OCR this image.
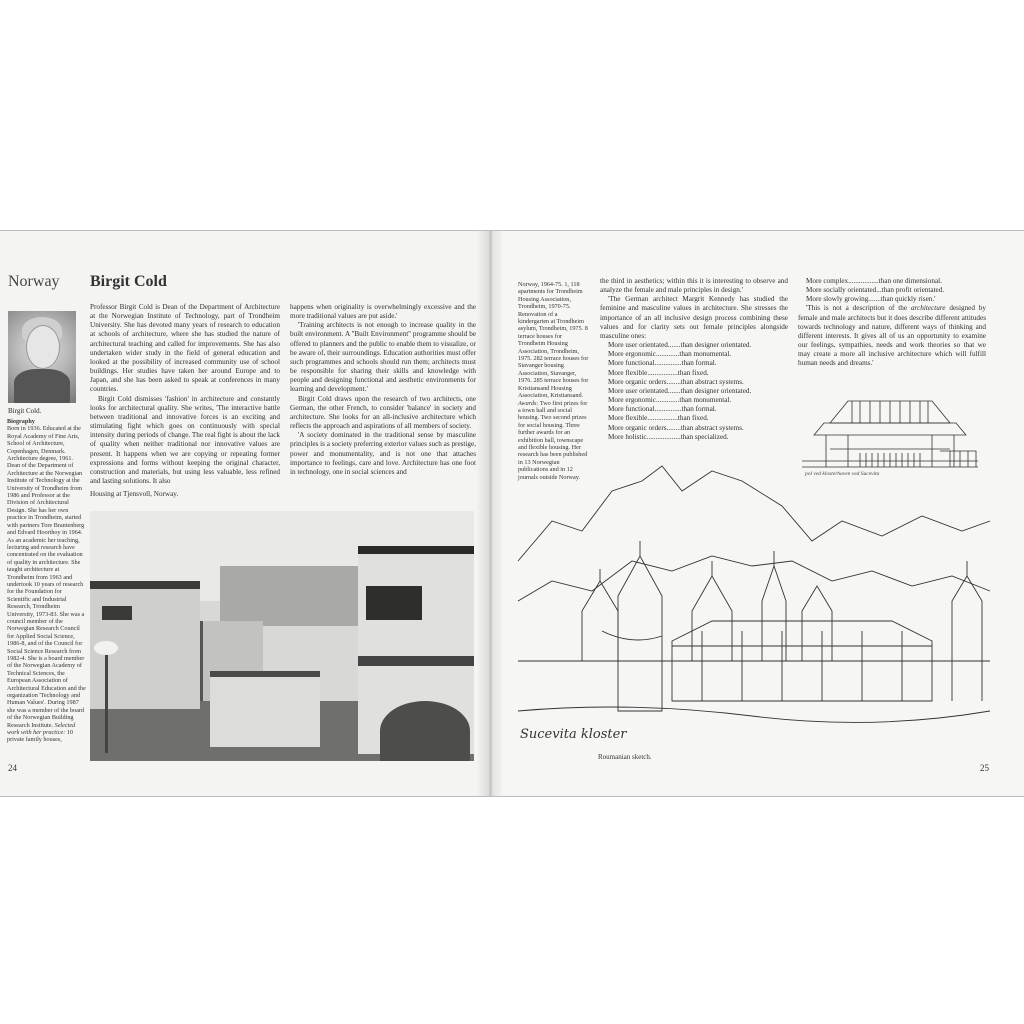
Norway Birgit Cold
Birgit Cold.
Biography
Born in 1936. Educated at the Royal Academy of Fine Arts, School of Architecture, Copenhagen, Denmark. Architecture degree, 1961. Dean of the Department of Architecture at the Norwegian Institute of Technology at the University of Trondheim from 1986 and Professor at the Division of Architectural Design. She has her own practice in Trondheim, started with partners Tore Brantenberg and Edvard Hoorthoy in 1964. As an academic her teaching, lecturing and research have concentrated on the evaluation of quality in architecture. She taught architecture at Trondheim from 1963 and undertook 10 years of research for the Foundation for Scientific and Industrial Research, Trondheim University, 1973-83. She was a council member of the Norwegian Research Council for Applied Social Science, 1986-8, and of the Council for Social Science Research from 1982-4. She is a board member of the Norwegian Academy of Technical Sciences, the European Association of Architectural Education and the organization 'Technology and Human Values'. During 1987 she was a member of the board of the Norwegian Building Research Institute. Selected work with her practice: 10 private family houses,

Professor Birgit Cold is Dean of the Department of Architecture at the Norwegian Institute of Technology, part of Trondheim University. She has devoted many years of research to education at schools of architecture, where she has studied the nature of architectural teaching and called for improvements. She has also undertaken wider study in the field of general education and looked at the possibility of increased community use of school buildings. Her studies have taken her around Europe and to Japan, and she has been asked to speak at conferences in many countries.

Birgit Cold dismisses 'fashion' in architecture and constantly looks for architectural quality. She writes, 'The interactive battle between traditional and innovative forces is an exciting and stimulating fight which goes on continuously with special intensity during periods of change. The real fight is about the lack of quality when neither traditional nor innovative values are present. It happens when we are copying or repeating former expressions and forms without keeping the original character, construction and materials, but using less valuable, less refined and lasting solutions. It also

Housing at Tjensvoll, Norway.

happens when originality is overwhelmingly excessive and the more traditional values are put aside.'

'Training architects is not enough to increase quality in the built environment. A ''Built Environment'' programme should be offered to planners and the public to enable them to visualize, or be aware of, their surroundings. Education authorities must offer such programmes and schools should run them; architects must be responsible for sharing their skills and knowledge with people and designing functional and aesthetic environments for learning and development.'

Birgit Cold draws upon the research of two architects, one German, the other French, to consider 'balance' in society and architecture. She looks for an all-inclusive architecture which reflects the approach and aspirations of all members of society.

'A society dominated in the traditional sense by masculine principles is a society preferring exterior values such as prestige, power and monumentality, and is not one that attaches importance to feelings, care and love. Architecture has one foot in technology, one in social sciences and

24
Norway, 1964-75. 1, 118 apartments for Trondheim Housing Association, Trondheim, 1970-75. Renovation of a kindergarten at Trondheim asylum, Trondheim, 1975. 8 terrace houses for Trondheim Housing Association, Trondheim, 1975. 282 terrace houses for Stavanger housing Association, Stavanger, 1976. 285 terrace houses for Kristiansand Housing Association, Kristiansand. Awards: Two first prizes for a town hall and social housing. Two second prizes for social housing. Three further awards for an exhibition hall, townscape and flexible housing. Her research has been published in 13 Norwegian publications and in 12 journals outside Norway.

the third in aesthetics; within this it is interesting to observe and analyze the female and male principles in design.'

'The German architect Margrit Kennedy has studied the feminine and masculine values in architecture. She stresses the importance of an all inclusive design process combining these values and for clarity sets out female principles alongside masculine ones:

More user orientated.......than designer orientated.
More ergonomic.............than monumental.
More functional...............than formal.
More flexible.................than fixed.
More organic orders........than abstract systems.
More user orientated.......than designer orientated.
More ergonomic.............than monumental.
More functional...............than formal.
More flexible.................than fixed.
More organic orders........than abstract systems.
More holistic...................than specialized.
More complex.................than one dimensional.
More socially orientated...than profit orientated.
More slowly growing.......than quickly risen.'

'This is not a description of the architecture designed by female and male architects but it does describe different attitudes towards technology and nature, different ways of thinking and different interests. It gives all of us an opportunity to examine our feelings, sympathies, needs and work theories so that we may create a more all inclusive architecture which will fulfill human needs and dreams.'

pol ved klosterhaven ved Sucevita
Sucevita kloster
Roumanian sketch.
25
